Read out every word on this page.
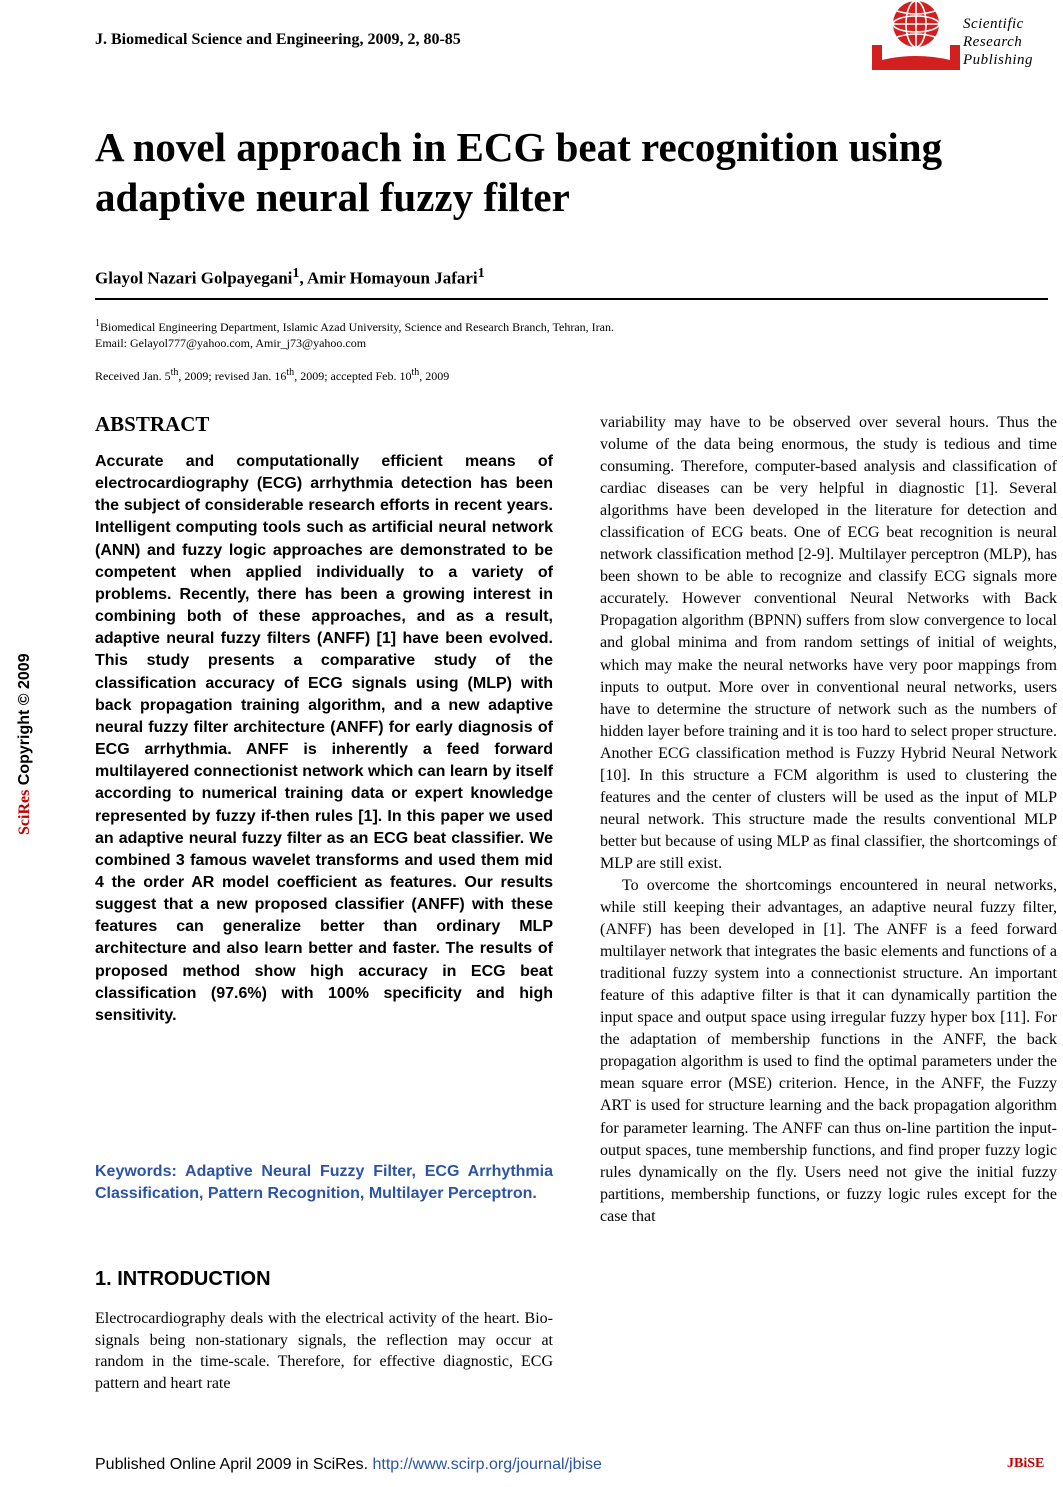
J. Biomedical Science and Engineering, 2009, 2, 80-85
Scientific
Research
Publishing
A novel approach in ECG beat recognition using adaptive neural fuzzy filter
Glayol Nazari Golpayegani$^1$, Amir Homayoun Jafari$^1$
$^1$Biomedical Engineering Department, Islamic Azad University, Science and Research Branch, Tehran, Iran.
Email: Gelayol777@yahoo.com, Amir_j73@yahoo.com
Received Jan. 5th, 2009; revised Jan. 16th, 2009; accepted Feb. 10th, 2009
SciRes Copyright © 2009
ABSTRACT
Accurate and computationally efficient means of electrocardiography (ECG) arrhythmia detection has been the subject of considerable research efforts in recent years. Intelligent computing tools such as artificial neural network (ANN) and fuzzy logic approaches are demonstrated to be competent when applied individually to a variety of problems. Recently, there has been a growing interest in combining both of these approaches, and as a result, adaptive neural fuzzy filters (ANFF) [1] have been evolved. This study presents a comparative study of the classification accuracy of ECG signals using (MLP) with back propagation training algorithm, and a new adaptive neural fuzzy filter architecture (ANFF) for early diagnosis of ECG arrhythmia. ANFF is inherently a feed forward multilayered connectionist network which can learn by itself according to numerical training data or expert knowledge represented by fuzzy if-then rules [1]. In this paper we used an adaptive neural fuzzy filter as an ECG beat classifier. We combined 3 famous wavelet transforms and used them mid 4 the order AR model coefficient as features. Our results suggest that a new proposed classifier (ANFF) with these features can generalize better than ordinary MLP architecture and also learn better and faster. The results of proposed method show high accuracy in ECG beat classification (97.6%) with 100% specificity and high sensitivity.
Keywords: Adaptive Neural Fuzzy Filter, ECG Arrhythmia Classification, Pattern Recognition, Multilayer Perceptron.
1. INTRODUCTION
Electrocardiography deals with the electrical activity of the heart. Bio-signals being non-stationary signals, the reflection may occur at random in the time-scale. Therefore, for effective diagnostic, ECG pattern and heart rate

variability may have to be observed over several hours. Thus the volume of the data being enormous, the study is tedious and time consuming. Therefore, computer-based analysis and classification of cardiac diseases can be very helpful in diagnostic [1]. Several algorithms have been developed in the literature for detection and classification of ECG beats. One of ECG beat recognition is neural network classification method [2-9]. Multilayer perceptron (MLP), has been shown to be able to recognize and classify ECG signals more accurately. However conventional Neural Networks with Back Propagation algorithm (BPNN) suffers from slow convergence to local and global minima and from random settings of initial of weights, which may make the neural networks have very poor mappings from inputs to output. More over in conventional neural networks, users have to determine the structure of network such as the numbers of hidden layer before training and it is too hard to select proper structure. Another ECG classification method is Fuzzy Hybrid Neural Network [10]. In this structure a FCM algorithm is used to clustering the features and the center of clusters will be used as the input of MLP neural network. This structure made the results conventional MLP better but because of using MLP as final classifier, the shortcomings of MLP are still exist.

To overcome the shortcomings encountered in neural networks, while still keeping their advantages, an adaptive neural fuzzy filter, (ANFF) has been developed in [1]. The ANFF is a feed forward multilayer network that integrates the basic elements and functions of a traditional fuzzy system into a connectionist structure. An important feature of this adaptive filter is that it can dynamically partition the input space and output space using irregular fuzzy hyper box [11]. For the adaptation of membership functions in the ANFF, the back propagation algorithm is used to find the optimal parameters under the mean square error (MSE) criterion. Hence, in the ANFF, the Fuzzy ART is used for structure learning and the back propagation algorithm for parameter learning. The ANFF can thus on-line partition the input-output spaces, tune membership functions, and find proper fuzzy logic rules dynamically on the fly. Users need not give the initial fuzzy partitions, membership functions, or fuzzy logic rules except for the case that

Published Online April 2009 in SciRes. http://www.scirp.org/journal/jbise	JBiSE
